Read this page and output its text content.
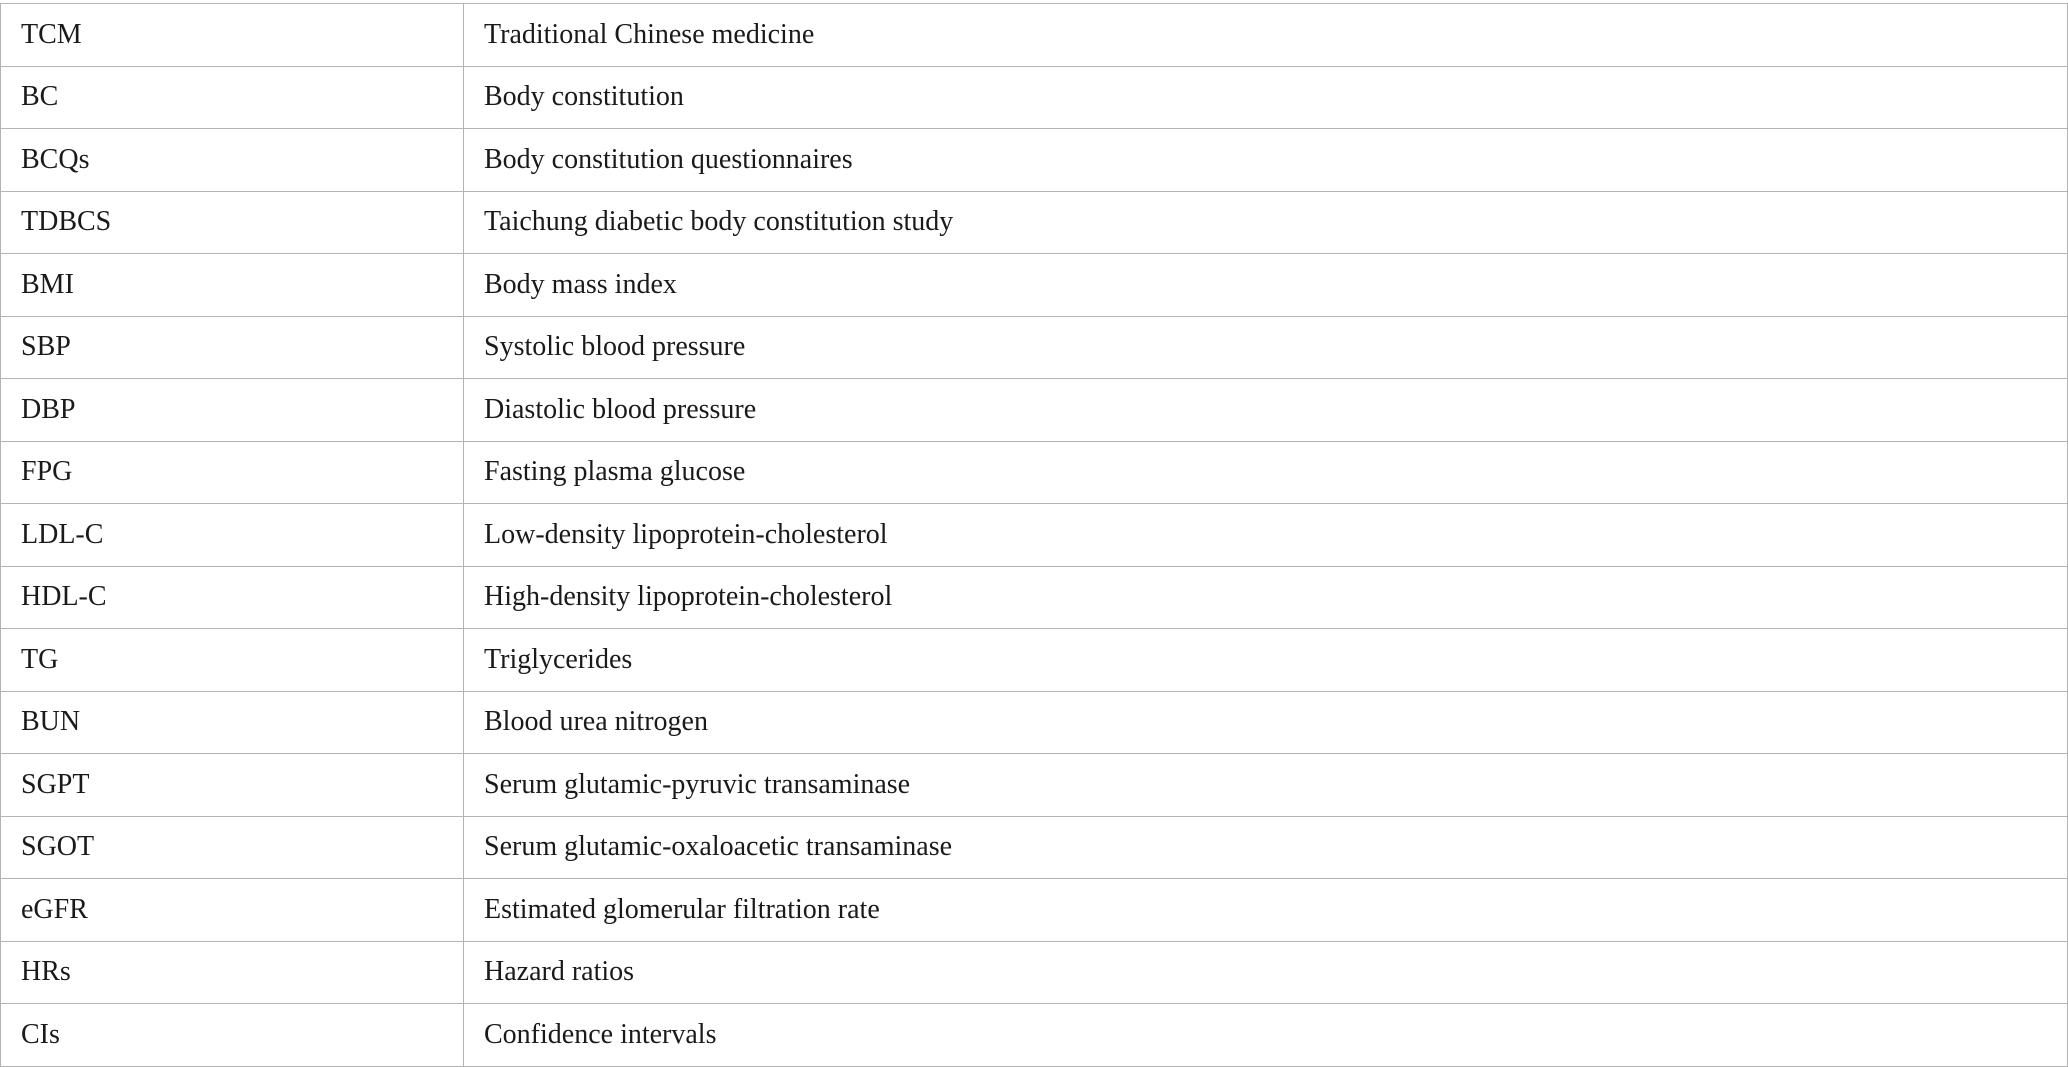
TCM	Traditional Chinese medicine
BC	Body constitution
BCQs	Body constitution questionnaires
TDBCS	Taichung diabetic body constitution study
BMI	Body mass index
SBP	Systolic blood pressure
DBP	Diastolic blood pressure
FPG	Fasting plasma glucose
LDL-C	Low-density lipoprotein-cholesterol
HDL-C	High-density lipoprotein-cholesterol
TG	Triglycerides
BUN	Blood urea nitrogen
SGPT	Serum glutamic-pyruvic transaminase
SGOT	Serum glutamic-oxaloacetic transaminase
eGFR	Estimated glomerular filtration rate
HRs	Hazard ratios
CIs	Confidence intervals
